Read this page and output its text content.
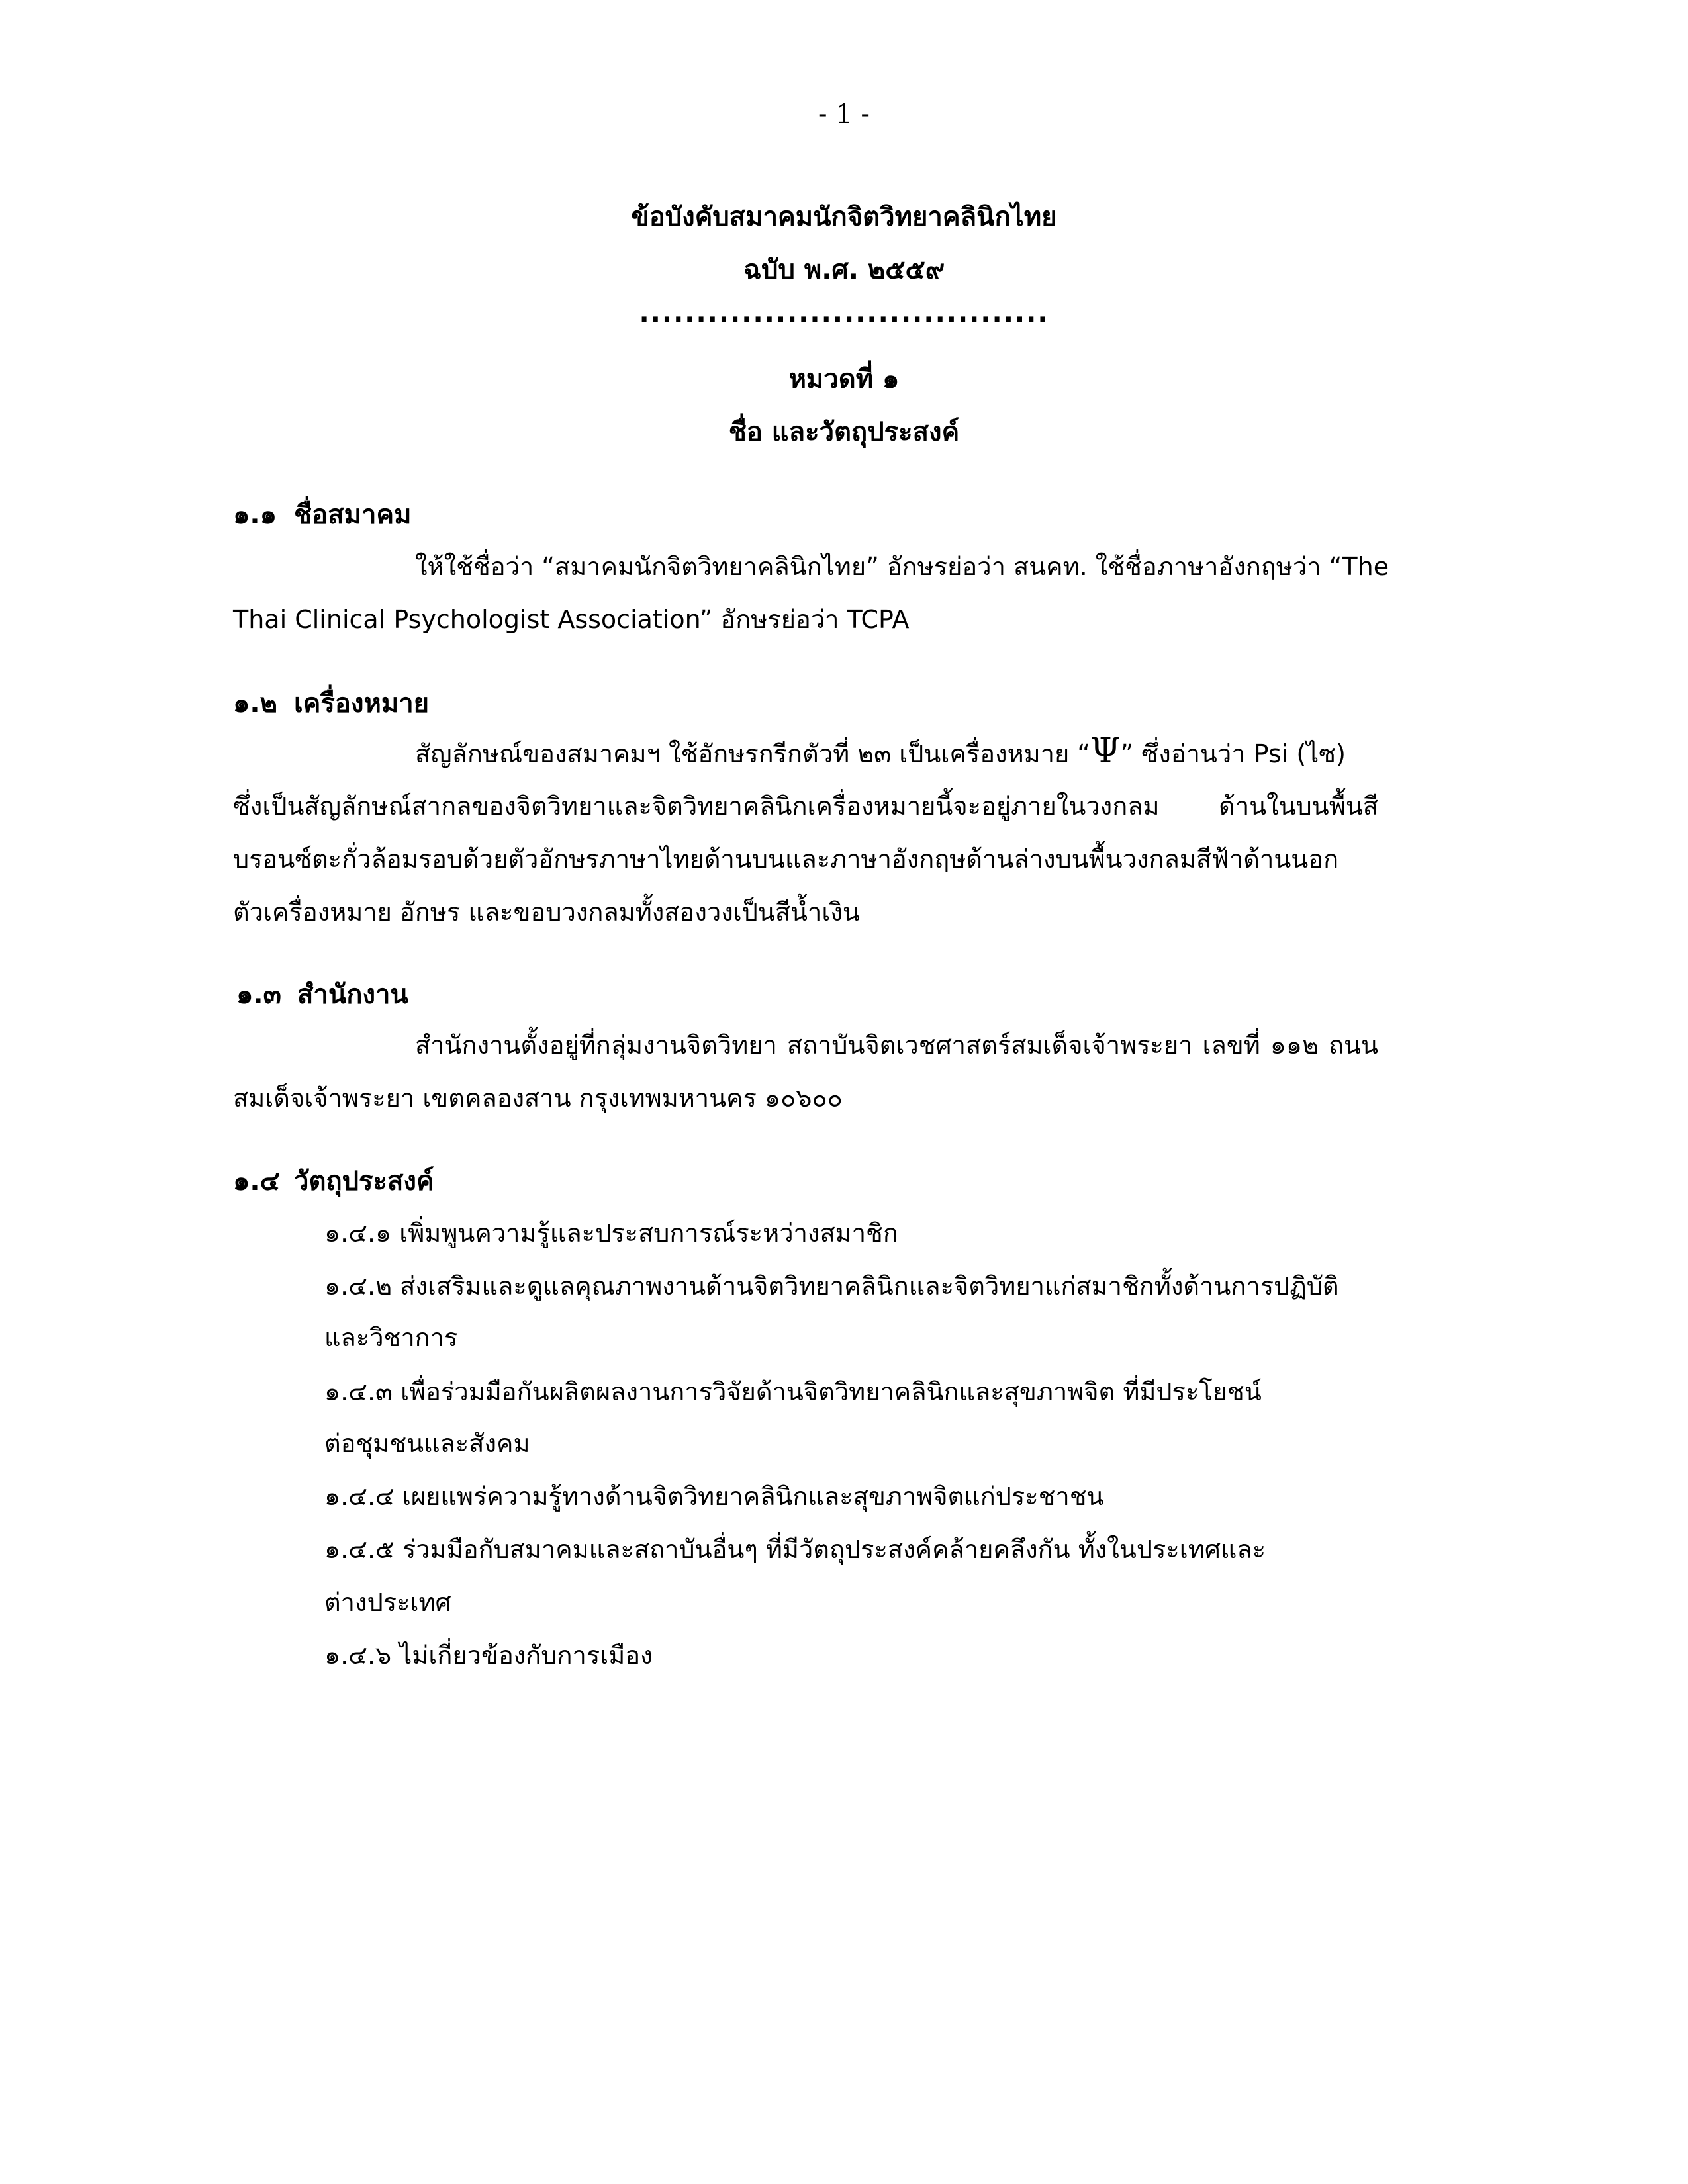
- 1 -
ข้อบังคับสมาคมนักจิตวิทยาคลินิกไทย
ฉบับ พ.ศ. ๒๕๕๙
....................................
หมวดที่ ๑
ชื่อ และวัตถุประสงค์
๑.๑ ชื่อสมาคม
ให้ใช้ชื่อว่า “สมาคมนักจิตวิทยาคลินิกไทย” อักษรย่อว่า สนคท. ใช้ชื่อภาษาอังกฤษว่า “The
Thai Clinical Psychologist Association” อักษรย่อว่า TCPA
๑.๒ เครื่องหมาย
สัญลักษณ์ของสมาคมฯ ใช้อักษรกรีกตัวที่ ๒๓ เป็นเครื่องหมาย “Ψ” ซึ่งอ่านว่า Psi (ไซ)
ซึ่งเป็นสัญลักษณ์สากลของจิตวิทยาและจิตวิทยาคลินิกเครื่องหมายนี้จะอยู่ภายในวงกลม ด้านในบนพื้นสี
บรอนซ์ตะกั่วล้อมรอบด้วยตัวอักษรภาษาไทยด้านบนและภาษาอังกฤษด้านล่างบนพื้นวงกลมสีฟ้าด้านนอก
ตัวเครื่องหมาย อักษร และขอบวงกลมทั้งสองวงเป็นสีน้ำเงิน
๑.๓ สำนักงาน
สำนักงานตั้งอยู่ที่กลุ่มงานจิตวิทยา สถาบันจิตเวชศาสตร์สมเด็จเจ้าพระยา เลขที่ ๑๑๒ ถนน
สมเด็จเจ้าพระยา เขตคลองสาน กรุงเทพมหานคร ๑๐๖๐๐
๑.๔ วัตถุประสงค์
๑.๔.๑ เพิ่มพูนความรู้และประสบการณ์ระหว่างสมาชิก
๑.๔.๒ ส่งเสริมและดูแลคุณภาพงานด้านจิตวิทยาคลินิกและจิตวิทยาแก่สมาชิกทั้งด้านการปฏิบัติ
และวิชาการ
๑.๔.๓ เพื่อร่วมมือกันผลิตผลงานการวิจัยด้านจิตวิทยาคลินิกและสุขภาพจิต ที่มีประโยชน์
ต่อชุมชนและสังคม
๑.๔.๔ เผยแพร่ความรู้ทางด้านจิตวิทยาคลินิกและสุขภาพจิตแก่ประชาชน
๑.๔.๕ ร่วมมือกับสมาคมและสถาบันอื่นๆ ที่มีวัตถุประสงค์คล้ายคลึงกัน ทั้งในประเทศและ
ต่างประเทศ
๑.๔.๖ ไม่เกี่ยวข้องกับการเมือง
